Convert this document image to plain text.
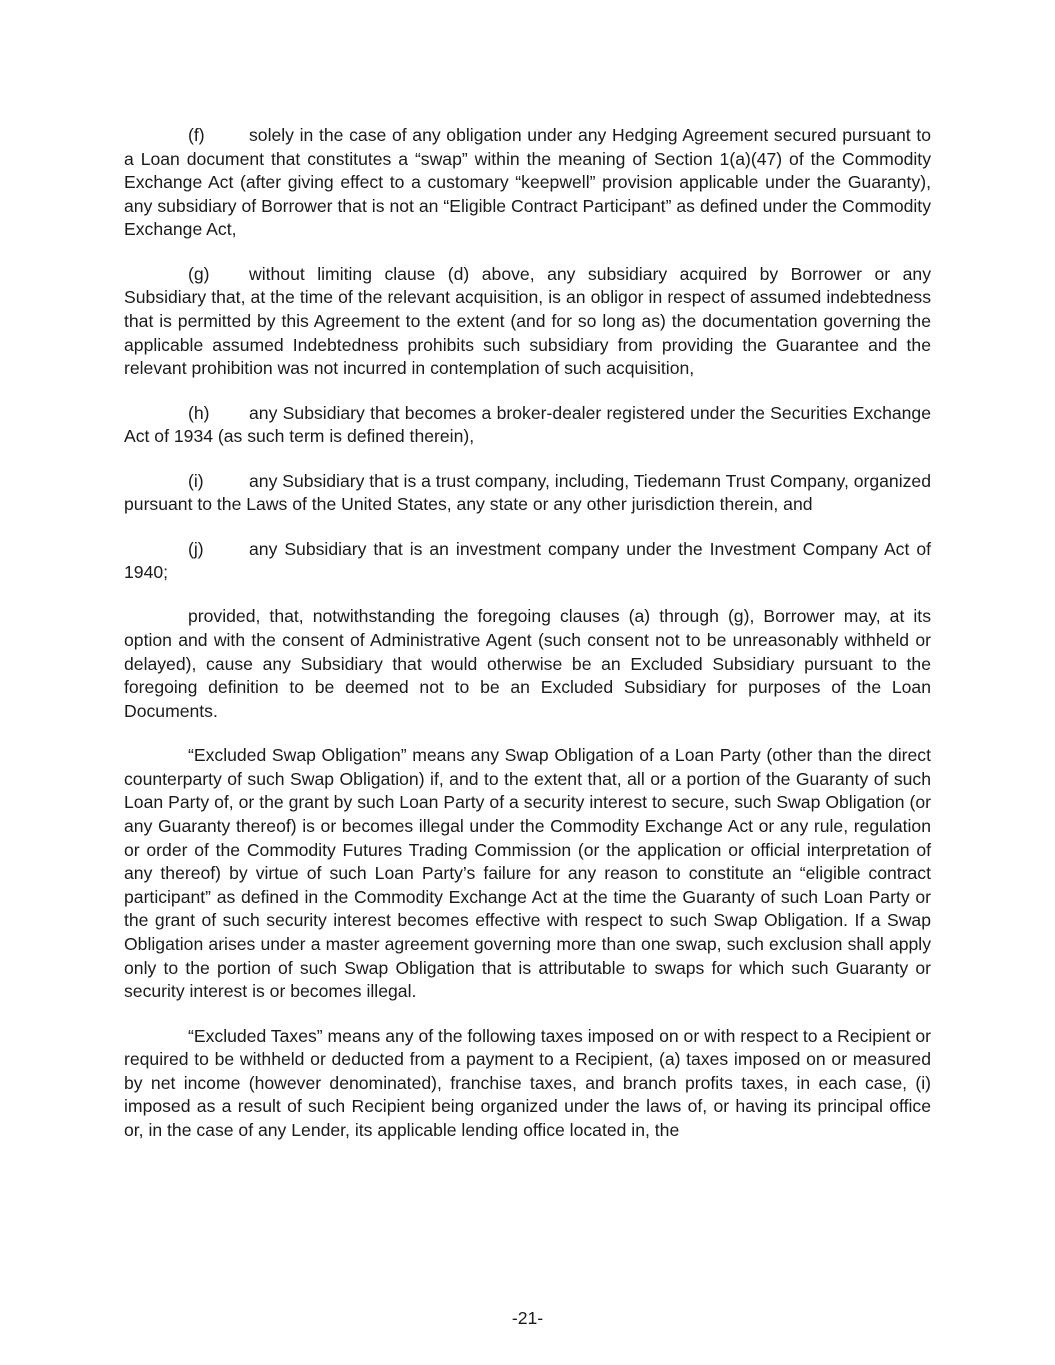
(f)	solely in the case of any obligation under any Hedging Agreement secured pursuant to a Loan document that constitutes a “swap” within the meaning of Section 1(a)(47) of the Commodity Exchange Act (after giving effect to a customary “keepwell” provision applicable under the Guaranty), any subsidiary of Borrower that is not an “Eligible Contract Participant” as defined under the Commodity Exchange Act,

(g) without limiting clause (d) above, any subsidiary acquired by Borrower or any Subsidiary that, at the time of the relevant acquisition, is an obligor in respect of assumed indebtedness that is permitted by this Agreement to the extent (and for so long as) the documentation governing the applicable assumed Indebtedness prohibits such subsidiary from providing the Guarantee and the relevant prohibition was not incurred in contemplation of such acquisition,

(h) any Subsidiary that becomes a broker-dealer registered under the Securities Exchange Act of 1934 (as such term is defined therein),

(i)	any Subsidiary that is a trust company, including, Tiedemann Trust Company, organized pursuant to the Laws of the United States, any state or any other jurisdiction therein, and

(j)	any Subsidiary that is an investment company under the Investment Company Act of 1940;

provided, that, notwithstanding the foregoing clauses (a) through (g), Borrower may, at its option and with the consent of Administrative Agent (such consent not to be unreasonably withheld or delayed), cause any Subsidiary that would otherwise be an Excluded Subsidiary pursuant to the foregoing definition to be deemed not to be an Excluded Subsidiary for purposes of the Loan Documents.

“Excluded Swap Obligation” means any Swap Obligation of a Loan Party (other than the direct counterparty of such Swap Obligation) if, and to the extent that, all or a portion of the Guaranty of such Loan Party of, or the grant by such Loan Party of a security interest to secure, such Swap Obligation (or any Guaranty thereof) is or becomes illegal under the Commodity Exchange Act or any rule, regulation or order of the Commodity Futures Trading Commission (or the application or official interpretation of any thereof) by virtue of such Loan Party’s failure for any reason to constitute an “eligible contract participant” as defined in the Commodity Exchange Act at the time the Guaranty of such Loan Party or the grant of such security interest becomes effective with respect to such Swap Obligation. If a Swap Obligation arises under a master agreement governing more than one swap, such exclusion shall apply only to the portion of such Swap Obligation that is attributable to swaps for which such Guaranty or security interest is or becomes illegal.

“Excluded Taxes” means any of the following taxes imposed on or with respect to a Recipient or required to be withheld or deducted from a payment to a Recipient, (a) taxes imposed on or measured by net income (however denominated), franchise taxes, and branch profits taxes, in each case, (i) imposed as a result of such Recipient being organized under the laws of, or having its principal office or, in the case of any Lender, its applicable lending office located in, the

-21-
